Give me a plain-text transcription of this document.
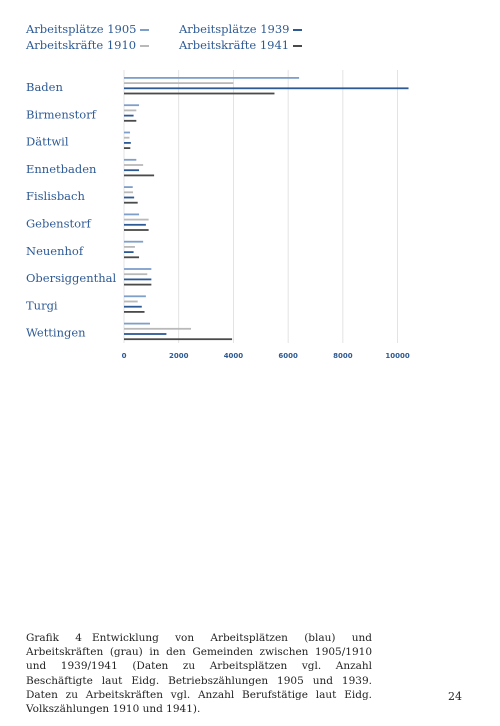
Arbeitsplätze 1905
Arbeitskräfte 1910
Arbeitsplätze 1939
Arbeitskräfte 1941
0	2000	4000	6000	8000	10000
Baden
Birmenstorf
Dättwil
Ennetbaden
Fislisbach
Gebenstorf
Neuenhof
Obersiggenthal
Turgi
Wettingen
Grafik 4 Entwicklung von Arbeitsplätzen (blau) und Arbeitskräften (grau) in den Gemeinden zwischen 1905/1910 und 1939/1941 (Daten zu Arbeitsplätzen vgl. Anzahl Beschäftigte laut Eidg. Betriebszählungen 1905 und 1939. Daten zu Arbeitskräften vgl. Anzahl Berufstätige laut Eidg. Volkszählungen 1910 und 1941).
24
